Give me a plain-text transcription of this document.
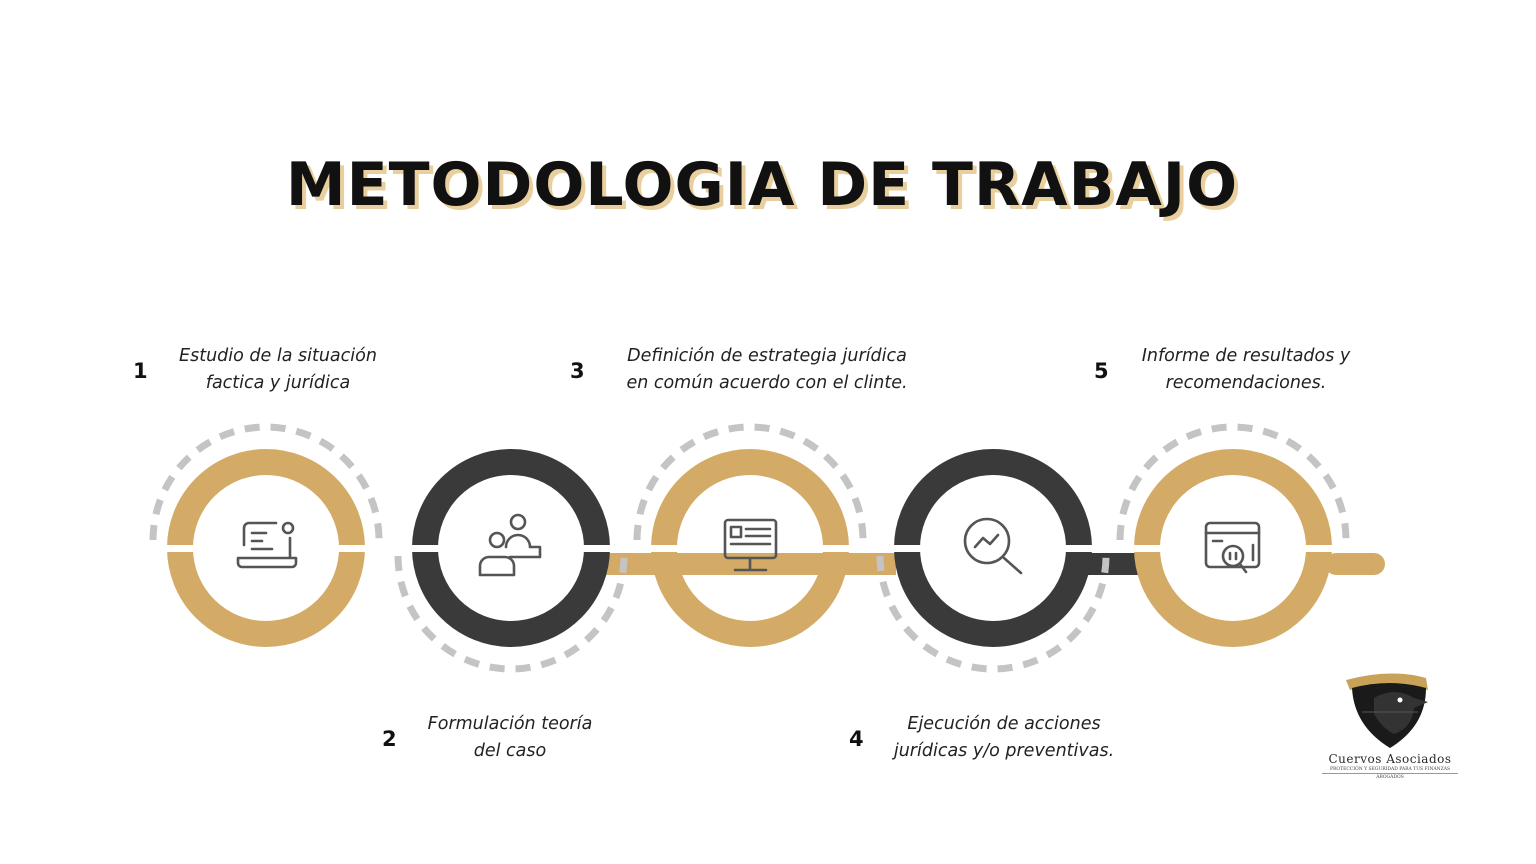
METODOLOGIA DE TRABAJO
1
Estudio de la situación
factica y jurídica
2
Formulación teoría
del caso
3
Definición de estrategia jurídica
en común acuerdo con el clinte.
4
Ejecución de acciones
jurídicas y/o preventivas.
5
Informe de resultados y
recomendaciones.
Cuervos Asociados
PROTECCIÓN Y SEGURIDAD PARA TUS FINANZAS
ABOGADOS
